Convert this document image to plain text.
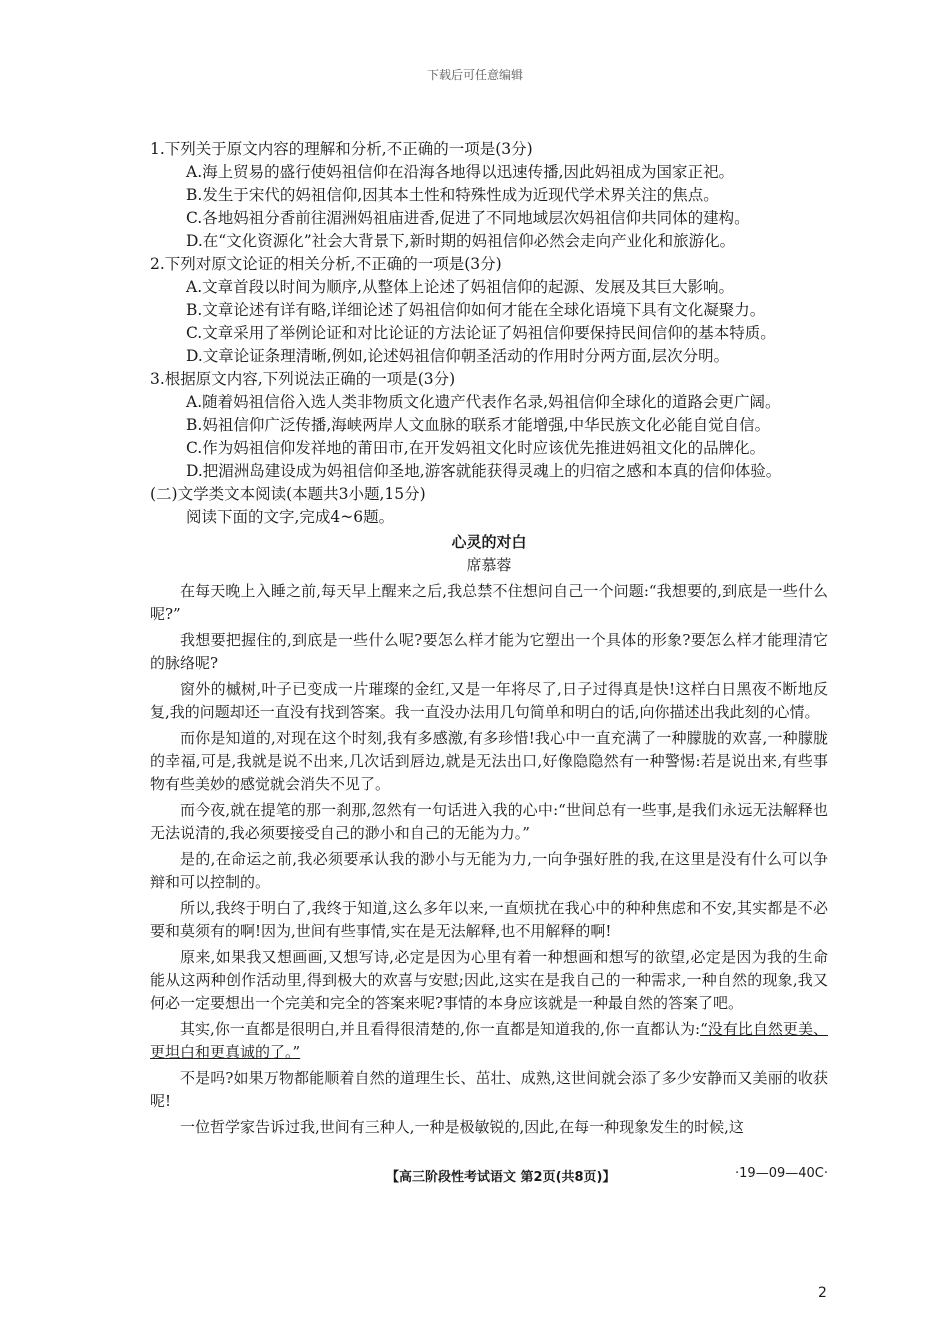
下载后可任意编辑
1.下列关于原文内容的理解和分析,不正确的一项是(3分)
A.海上贸易的盛行使妈祖信仰在沿海各地得以迅速传播,因此妈祖成为国家正祀。
B.发生于宋代的妈祖信仰,因其本土性和特殊性成为近现代学术界关注的焦点。
C.各地妈祖分香前往湄洲妈祖庙进香,促进了不同地域层次妈祖信仰共同体的建构。
D.在“文化资源化”社会大背景下,新时期的妈祖信仰必然会走向产业化和旅游化。
2.下列对原文论证的相关分析,不正确的一项是(3分)
A.文章首段以时间为顺序,从整体上论述了妈祖信仰的起源、发展及其巨大影响。
B.文章论述有详有略,详细论述了妈祖信仰如何才能在全球化语境下具有文化凝聚力。
C.文章采用了举例论证和对比论证的方法论证了妈祖信仰要保持民间信仰的基本特质。
D.文章论证条理清晰,例如,论述妈祖信仰朝圣活动的作用时分两方面,层次分明。
3.根据原文内容,下列说法正确的一项是(3分)
A.随着妈祖信俗入选人类非物质文化遗产代表作名录,妈祖信仰全球化的道路会更广阔。
B.妈祖信仰广泛传播,海峡两岸人文血脉的联系才能增强,中华民族文化必能自觉自信。
C.作为妈祖信仰发祥地的莆田市,在开发妈祖文化时应该优先推进妈祖文化的品牌化。
D.把湄洲岛建设成为妈祖信仰圣地,游客就能获得灵魂上的归宿之感和本真的信仰体验。
(二)文学类文本阅读(本题共3小题,15分)
阅读下面的文字,完成4~6题。
心灵的对白
席慕蓉
在每天晚上入睡之前,每天早上醒来之后,我总禁不住想问自己一个问题:“我想要的,到底是一些什么呢?”
我想要把握住的,到底是一些什么呢?要怎么样才能为它塑出一个具体的形象?要怎么样才能理清它的脉络呢?
窗外的槭树,叶子已变成一片璀璨的金红,又是一年将尽了,日子过得真是快!这样白日黑夜不断地反复,我的问题却还一直没有找到答案。我一直没办法用几句简单和明白的话,向你描述出我此刻的心情。
而你是知道的,对现在这个时刻,我有多感激,有多珍惜!我心中一直充满了一种朦胧的欢喜,一种朦胧的幸福,可是,我就是说不出来,几次话到唇边,就是无法出口,好像隐隐然有一种警惕:若是说出来,有些事物有些美妙的感觉就会消失不见了。
而今夜,就在提笔的那一刹那,忽然有一句话进入我的心中:“世间总有一些事,是我们永远无法解释也无法说清的,我必须要接受自己的渺小和自己的无能为力。”
是的,在命运之前,我必须要承认我的渺小与无能为力,一向争强好胜的我,在这里是没有什么可以争辩和可以控制的。
所以,我终于明白了,我终于知道,这么多年以来,一直烦扰在我心中的种种焦虑和不安,其实都是不必要和莫须有的啊!因为,世间有些事情,实在是无法解释,也不用解释的啊!
原来,如果我又想画画,又想写诗,必定是因为心里有着一种想画和想写的欲望,必定是因为我的生命能从这两种创作活动里,得到极大的欢喜与安慰;因此,这实在是我自己的一种需求,一种自然的现象,我又何必一定要想出一个完美和完全的答案来呢?事情的本身应该就是一种最自然的答案了吧。
其实,你一直都是很明白,并且看得很清楚的,你一直都是知道我的,你一直都认为:“没有比自然更美、更坦白和更真诚的了。”
不是吗?如果万物都能顺着自然的道理生长、茁壮、成熟,这世间就会添了多少安静而又美丽的收获呢!
一位哲学家告诉过我,世间有三种人,一种是极敏锐的,因此,在每一种现象发生的时候,这
【高三阶段性考试语文 第2页(共8页)】	·19—09—40C·
2
